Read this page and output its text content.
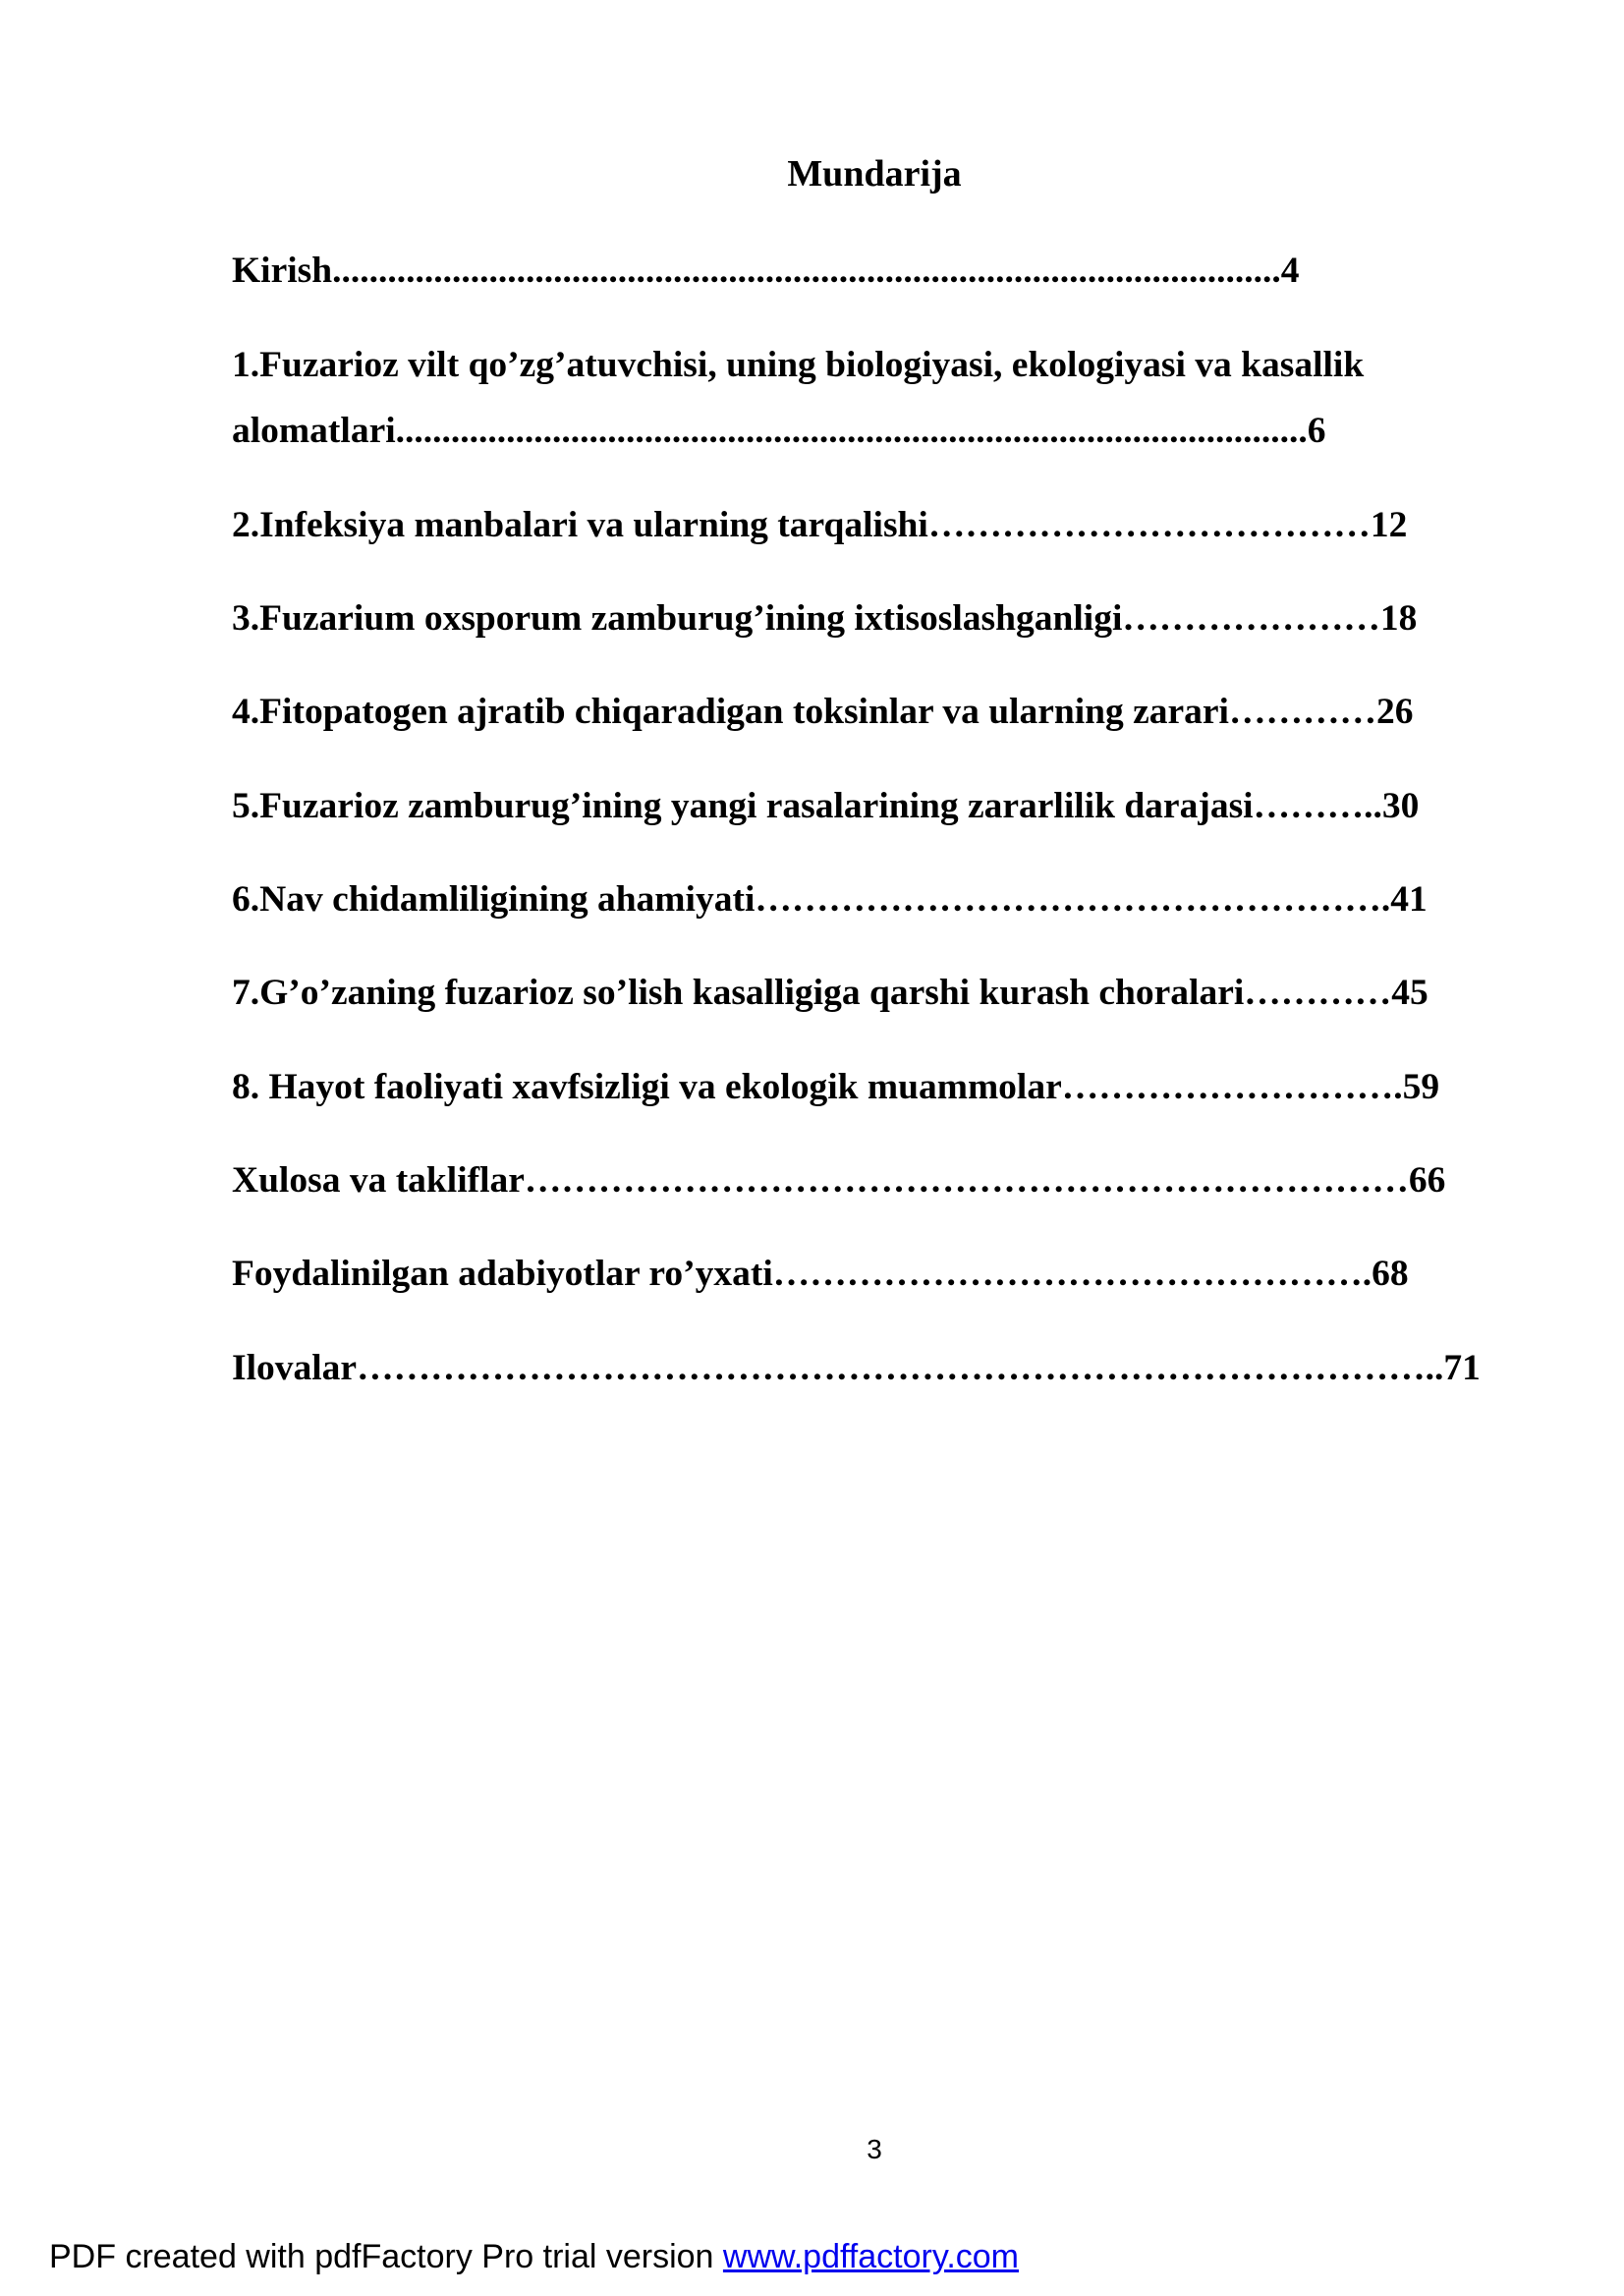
Mundarija
Kirish.......................................................................................................4
1.Fuzarioz vilt qo’zg’atuvchisi, uning biologiyasi, ekologiyasi va kasallik
alomatlari...................................................................................................6
2.Infeksiya manbalari va ularning tarqalishi………………………………12
3.Fuzarium oxsporum zamburug’ining ixtisoslashganligi…………………18
4.Fitopatogen ajratib chiqaradigan toksinlar va ularning zarari…………26
5.Fuzarioz zamburug’ining yangi rasalarining zararlilik darajasi………..30
6.Nav chidamliligining ahamiyati…………………………………………….41
7.G’o’zaning fuzarioz so’lish kasalligiga qarshi kurash choralari…………45
8. Hayot faoliyati xavfsizligi va ekologik muammolar……………………….59
Xulosa va takliflar………………………………………………………………66
Foydalinilgan adabiyotlar ro’yxati………………………………………….68
Ilovalar……………………………………………………………………………..71
3
PDF created with pdfFactory Pro trial version www.pdffactory.com
